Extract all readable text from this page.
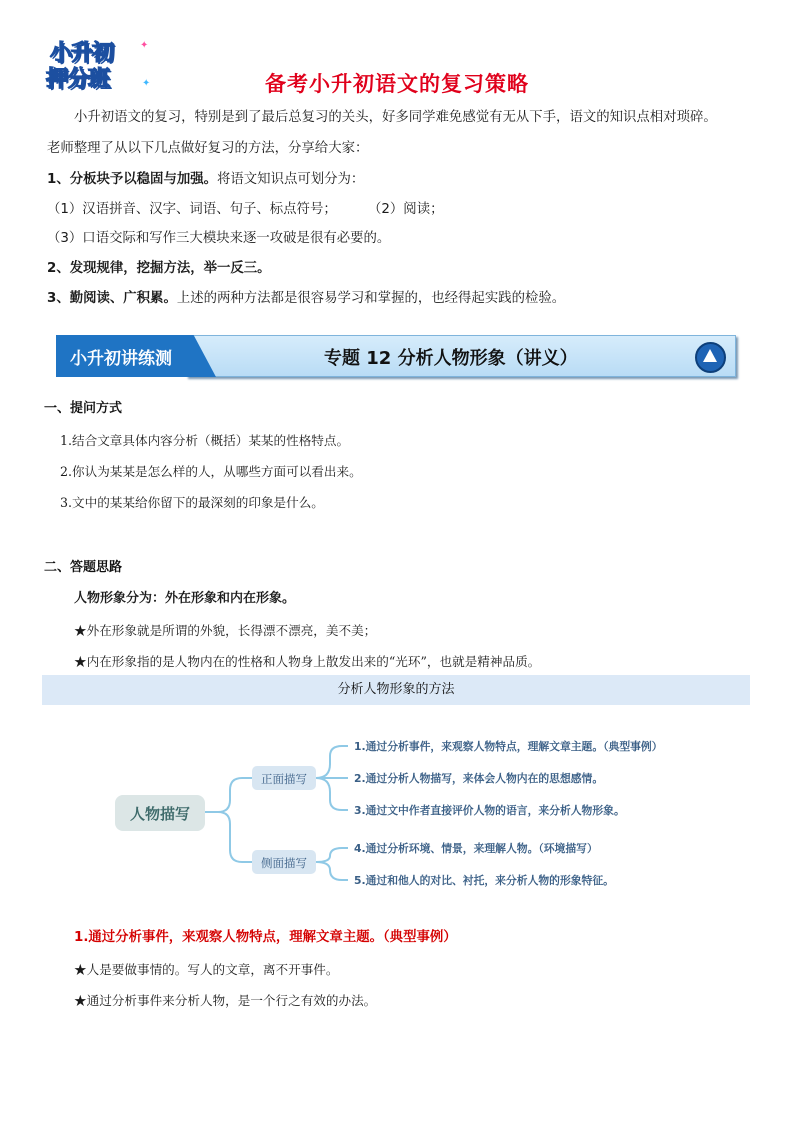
小升初
押分班
✦
✦	备考小升初语文的复习策略
小升初语文的复习，特别是到了最后总复习的关头，好多同学难免感觉有无从下手，语文的知识点相对琐碎。
老师整理了从以下几点做好复习的方法，分享给大家：
1、分板块予以稳固与加强。将语文知识点可划分为：
（1）汉语拼音、汉字、词语、句子、标点符号； （2）阅读；
（3）口语交际和写作三大模块来逐一攻破是很有必要的。
2、发现规律，挖掘方法，举一反三。
3、勤阅读、广积累。上述的两种方法都是很容易学习和掌握的，也经得起实践的检验。
小升初讲练测	专题 12 分析人物形象（讲义）
一、提问方式
1.结合文章具体内容分析（概括）某某的性格特点。
2.你认为某某是怎么样的人，从哪些方面可以看出来。
3.文中的某某给你留下的最深刻的印象是什么。
二、答题思路
人物形象分为：外在形象和内在形象。
★外在形象就是所谓的外貌，长得漂不漂亮，美不美；
★内在形象指的是人物内在的性格和人物身上散发出来的“光环”，也就是精神品质。
分析人物形象的方法
人物描写
正面描写
侧面描写
1.通过分析事件，来观察人物特点，理解文章主题。（典型事例）
2.通过分析人物描写，来体会人物内在的思想感情。
3.通过文中作者直接评价人物的语言，来分析人物形象。
4.通过分析环境、情景，来理解人物。（环境描写）
5.通过和他人的对比、衬托，来分析人物的形象特征。
1.通过分析事件，来观察人物特点，理解文章主题。（典型事例）
★人是要做事情的。写人的文章，离不开事件。
★通过分析事件来分析人物，是一个行之有效的办法。
